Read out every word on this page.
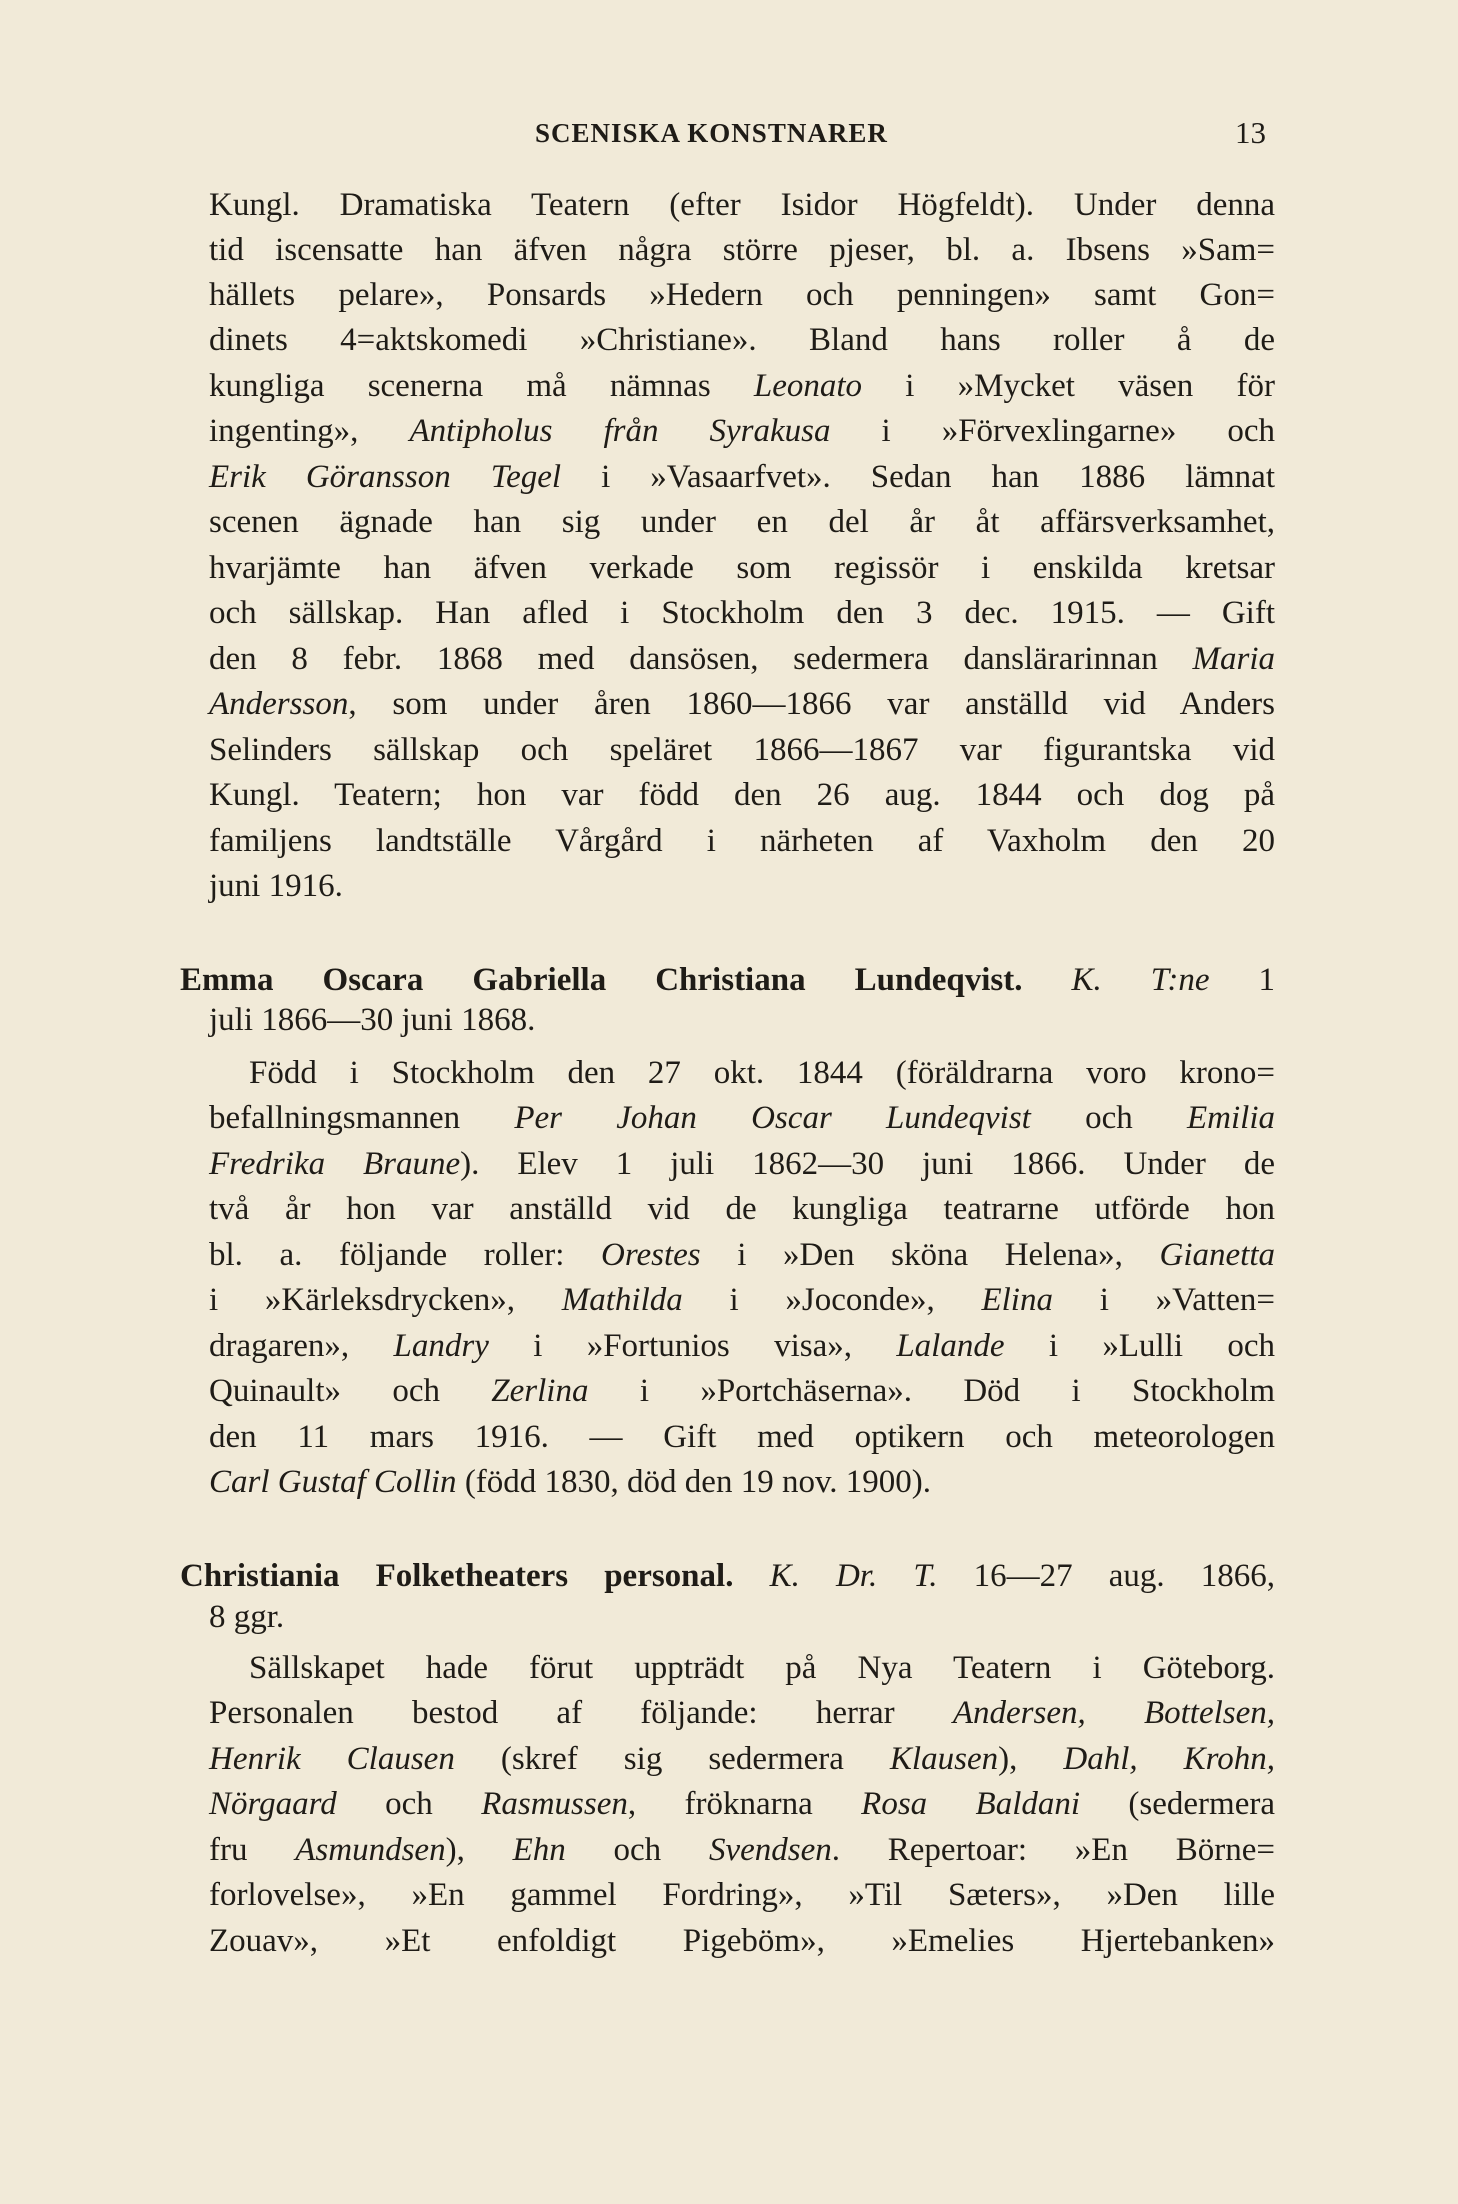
SCENISKA KONSTNARER	13
Kungl. Dramatiska Teatern (efter Isidor Högfeldt). Under denna
tid iscensatte han äfven några större pjeser, bl. a. Ibsens »Sam=
hällets pelare», Ponsards »Hedern och penningen» samt Gon=
dinets 4=aktskomedi »Christiane». Bland hans roller å de
kungliga scenerna må nämnas Leonato i »Mycket väsen för
ingenting», Antipholus från Syrakusa i »Förvexlingarne» och
Erik Göransson Tegel i »Vasaarfvet». Sedan han 1886 lämnat
scenen ägnade han sig under en del år åt affärsverksamhet,
hvarjämte han äfven verkade som regissör i enskilda kretsar
och sällskap. Han afled i Stockholm den 3 dec. 1915. — Gift
den 8 febr. 1868 med dansösen, sedermera danslärarinnan Maria
Andersson, som under åren 1860—1866 var anställd vid Anders
Selinders sällskap och speläret 1866—1867 var figurantska vid
Kungl. Teatern; hon var född den 26 aug. 1844 och dog på
familjens landtställe Vårgård i närheten af Vaxholm den 20
juni 1916.
Emma Oscara Gabriella Christiana Lundeqvist. K. T:ne 1
juli 1866—30 juni 1868.
Född i Stockholm den 27 okt. 1844 (föräldrarna voro krono=
befallningsmannen Per Johan Oscar Lundeqvist och Emilia
Fredrika Braune). Elev 1 juli 1862—30 juni 1866. Under de
två år hon var anställd vid de kungliga teatrarne utförde hon
bl. a. följande roller: Orestes i »Den sköna Helena», Gianetta
i »Kärleksdrycken», Mathilda i »Joconde», Elina i »Vatten=
dragaren», Landry i »Fortunios visa», Lalande i »Lulli och
Quinault» och Zerlina i »Portchäserna». Död i Stockholm
den 11 mars 1916. — Gift med optikern och meteorologen
Carl Gustaf Collin (född 1830, död den 19 nov. 1900).
Christiania Folketheaters personal. K. Dr. T. 16—27 aug. 1866,
8 ggr.
Sällskapet hade förut uppträdt på Nya Teatern i Göteborg.
Personalen bestod af följande: herrar Andersen, Bottelsen,
Henrik Clausen (skref sig sedermera Klausen), Dahl, Krohn,
Nörgaard och Rasmussen, fröknarna Rosa Baldani (sedermera
fru Asmundsen), Ehn och Svendsen. Repertoar: »En Börne=
forlovelse», »En gammel Fordring», »Til Sæters», »Den lille
Zouav», »Et enfoldigt Pigeböm», »Emelies Hjertebanken»
